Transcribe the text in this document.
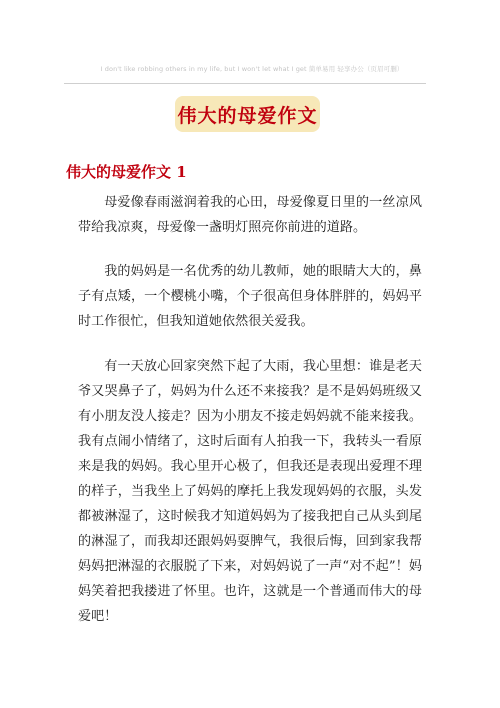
I don't like robbing others in my life, but I won't let what I get 简单易用 轻享办公（页眉可删）
伟大的母爱作文
伟大的母爱作文 1

母爱像春雨滋润着我的心田，母爱像夏日里的一丝凉风带给我凉爽，母爱像一盏明灯照亮你前进的道路。

我的妈妈是一名优秀的幼儿教师，她的眼睛大大的，鼻子有点矮，一个樱桃小嘴，个子很高但身体胖胖的，妈妈平时工作很忙，但我知道她依然很关爱我。

有一天放心回家突然下起了大雨，我心里想：谁是老天爷又哭鼻子了，妈妈为什么还不来接我？是不是妈妈班级又有小朋友没人接走？因为小朋友不接走妈妈就不能来接我。我有点闹小情绪了，这时后面有人拍我一下，我转头一看原来是我的妈妈。我心里开心极了，但我还是表现出爱理不理的样子，当我坐上了妈妈的摩托上我发现妈妈的衣服，头发都被淋湿了，这时候我才知道妈妈为了接我把自己从头到尾的淋湿了，而我却还跟妈妈耍脾气，我很后悔，回到家我帮妈妈把淋湿的衣服脱了下来，对妈妈说了一声“对不起”！妈妈笑着把我搂进了怀里。也许，这就是一个普通而伟大的母爱吧！
